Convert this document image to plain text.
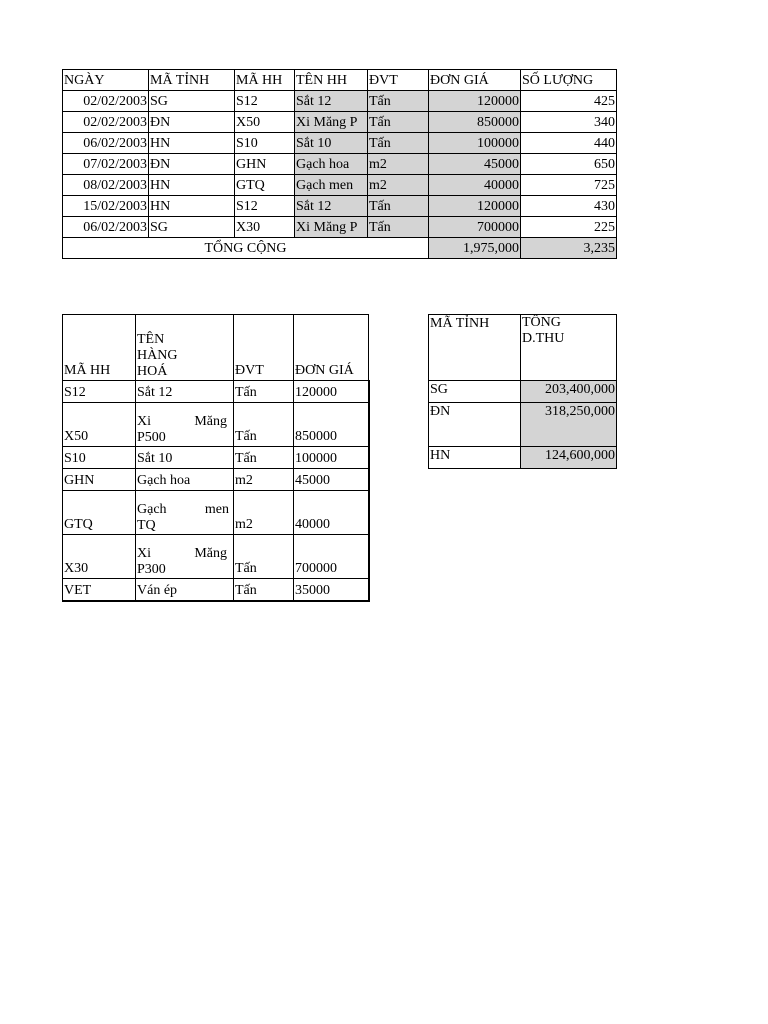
NGÀY	MÃ TỈNH	MÃ HH	TÊN HH	ĐVT	ĐƠN GIÁ	SỐ LƯỢNG
02/02/2003	SG	S12	Sắt 12	Tấn	120000	425
02/02/2003	ĐN	X50	Xi Măng P	Tấn	850000	340
06/02/2003	HN	S10	Sắt 10	Tấn	100000	440
07/02/2003	ĐN	GHN	Gạch hoa	m2	45000	650
08/02/2003	HN	GTQ	Gạch men	m2	40000	725
15/02/2003	HN	S12	Sắt 12	Tấn	120000	430
06/02/2003	SG	X30	Xi Măng P	Tấn	700000	225
TỔNG CỘNG					1,975,000	3,235
MÃ HH	TÊN HÀNG HOÁ	ĐVT	ĐƠN GIÁ
S12	Sắt 12	Tấn	120000
X50	Xi Măng P500	Tấn	850000
S10	Sắt 10	Tấn	100000
GHN	Gạch hoa	m2	45000
GTQ	Gạch men TQ	m2	40000
X30	Xi Măng P300	Tấn	700000
VET	Ván ép	Tấn	35000
MÃ TỈNH	TỔNG D.THU

SG	203,400,000
ĐN	318,250,000
HN	124,600,000
